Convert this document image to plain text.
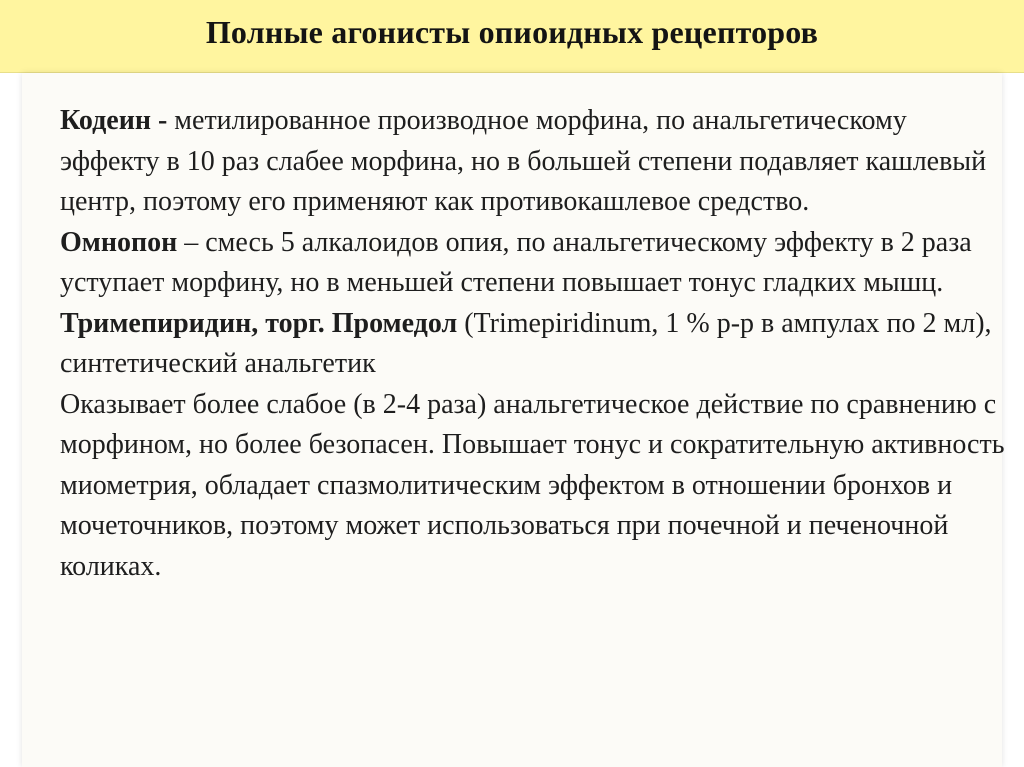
Полные агонисты опиоидных рецепторов

Кодеин - метилированное производное морфина, по анальгетическому эффекту в 10 раз слабее морфина, но в большей степени подавляет кашлевый центр, поэтому его применяют как противокашлевое средство.

Омнопон – смесь 5 алкалоидов опия, по анальгетическому эффекту в 2 раза уступает морфину, но в меньшей степени повышает тонус гладких мышц.

Тримепиридин, торг. Промедол (Trimepiridinum, 1 % р-р в ампулах по 2 мл), синтетический анальгетик

Оказывает более слабое (в 2-4 раза) анальгетическое действие по сравнению с морфином, но более безопасен. Повышает тонус и сократительную активность миометрия, обладает спазмолитическим эффектом в отношении бронхов и мочеточников, поэтому может использоваться при почечной и печеночной коликах.
